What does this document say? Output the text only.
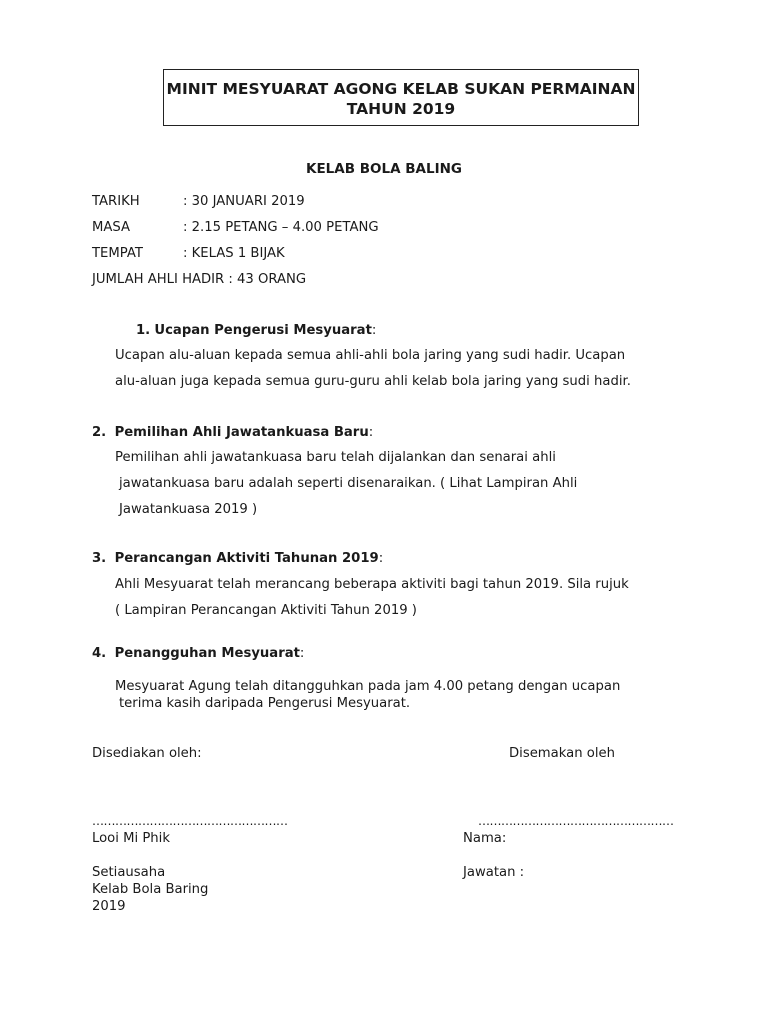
MINIT MESYUARAT AGONG KELAB SUKAN PERMAINAN
TAHUN 2019
KELAB BOLA BALING
TARIKH	: 30 JANUARI 2019
MASA	: 2.15 PETANG – 4.00 PETANG
TEMPAT	: KELAS 1 BIJAK
JUMLAH AHLI HADIR : 43 ORANG
1. Ucapan Pengerusi Mesyuarat:
Ucapan alu-aluan kepada semua ahli-ahli bola jaring yang sudi hadir. Ucapan
alu-aluan juga kepada semua guru-guru ahli kelab bola jaring yang sudi hadir.
2. Pemilihan Ahli Jawatankuasa Baru:
Pemilihan ahli jawatankuasa baru telah dijalankan dan senarai ahli
jawatankuasa baru adalah seperti disenaraikan. ( Lihat Lampiran Ahli
Jawatankuasa 2019 )
3. Perancangan Aktiviti Tahunan 2019:
Ahli Mesyuarat telah merancang beberapa aktiviti bagi tahun 2019. Sila rujuk
( Lampiran Perancangan Aktiviti Tahun 2019 )
4. Penangguhan Mesyuarat:
Mesyuarat Agung telah ditangguhkan pada jam 4.00 petang dengan ucapan
terima kasih daripada Pengerusi Mesyuarat.
Disediakan oleh:	Disemakan oleh
……………………………………………	……………………………………………
Looi Mi Phik	Nama:
Setiausaha	Jawatan :
Kelab Bola Baring
2019
